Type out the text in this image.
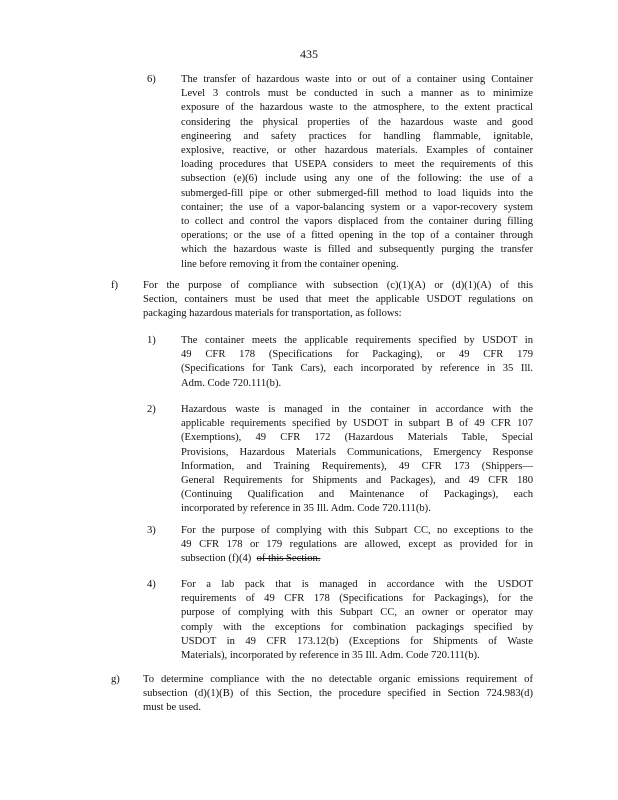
435
6) The transfer of hazardous waste into or out of a container using Container
Level 3 controls must be conducted in such a manner as to minimize
exposure of the hazardous waste to the atmosphere, to the extent practical
considering the physical properties of the hazardous waste and good
engineering and safety practices for handling flammable, ignitable,
explosive, reactive, or other hazardous materials. Examples of container
loading procedures that USEPA considers to meet the requirements of this
subsection (e)(6) include using any one of the following: the use of a
submerged-fill pipe or other submerged-fill method to load liquids into the
container; the use of a vapor-balancing system or a vapor-recovery system
to collect and control the vapors displaced from the container during filling
operations; or the use of a fitted opening in the top of a container through
which the hazardous waste is filled and subsequently purging the transfer
line before removing it from the container opening.
f) For the purpose of compliance with subsection (c)(1)(A) or (d)(1)(A) of this
Section, containers must be used that meet the applicable USDOT regulations on
packaging hazardous materials for transportation, as follows:
1) The container meets the applicable requirements specified by USDOT in
49 CFR 178 (Specifications for Packaging), or 49 CFR 179
(Specifications for Tank Cars), each incorporated by reference in 35 Ill.
Adm. Code 720.111(b).
2) Hazardous waste is managed in the container in accordance with the
applicable requirements specified by USDOT in subpart B of 49 CFR 107
(Exemptions), 49 CFR 172 (Hazardous Materials Table, Special
Provisions, Hazardous Materials Communications, Emergency Response
Information, and Training Requirements), 49 CFR 173 (Shippers—
General Requirements for Shipments and Packages), and 49 CFR 180
(Continuing Qualification and Maintenance of Packagings), each
incorporated by reference in 35 Ill. Adm. Code 720.111(b).
3) For the purpose of complying with this Subpart CC, no exceptions to the
49 CFR 178 or 179 regulations are allowed, except as provided for in
subsection (f)(4) of this Section.
4) For a lab pack that is managed in accordance with the USDOT
requirements of 49 CFR 178 (Specifications for Packagings), for the
purpose of complying with this Subpart CC, an owner or operator may
comply with the exceptions for combination packagings specified by
USDOT in 49 CFR 173.12(b) (Exceptions for Shipments of Waste
Materials), incorporated by reference in 35 Ill. Adm. Code 720.111(b).
g) To determine compliance with the no detectable organic emissions requirement of
subsection (d)(1)(B) of this Section, the procedure specified in Section 724.983(d)
must be used.
